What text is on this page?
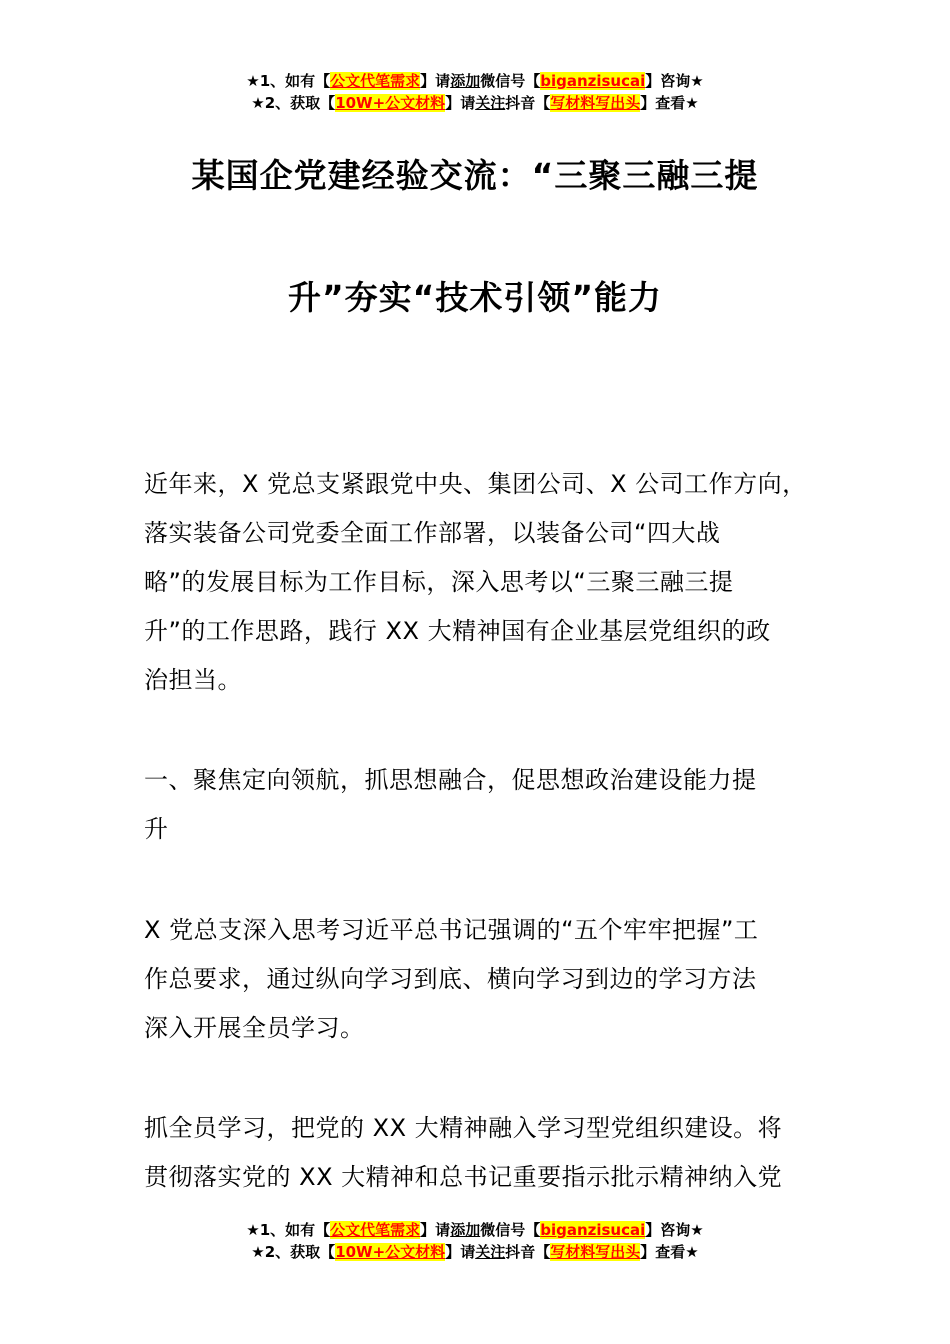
★1、如有【公文代笔需求】请添加微信号【biganzisucai】咨询★
★2、获取【10W+公文材料】请关注抖音【写材料写出头】查看★
某国企党建经验交流：“三聚三融三提
升”夯实“技术引领”能力
近年来，X 党总支紧跟党中央、集团公司、X 公司工作方向，
落实装备公司党委全面工作部署，以装备公司“四大战
略”的发展目标为工作目标，深入思考以“三聚三融三提
升”的工作思路，践行 XX 大精神国有企业基层党组织的政
治担当。
一、聚焦定向领航，抓思想融合，促思想政治建设能力提
升
X 党总支深入思考习近平总书记强调的“五个牢牢把握”工
作总要求，通过纵向学习到底、横向学习到边的学习方法
深入开展全员学习。
抓全员学习，把党的 XX 大精神融入学习型党组织建设。将
贯彻落实党的 XX 大精神和总书记重要指示批示精神纳入党
★1、如有【公文代笔需求】请添加微信号【biganzisucai】咨询★
★2、获取【10W+公文材料】请关注抖音【写材料写出头】查看★
